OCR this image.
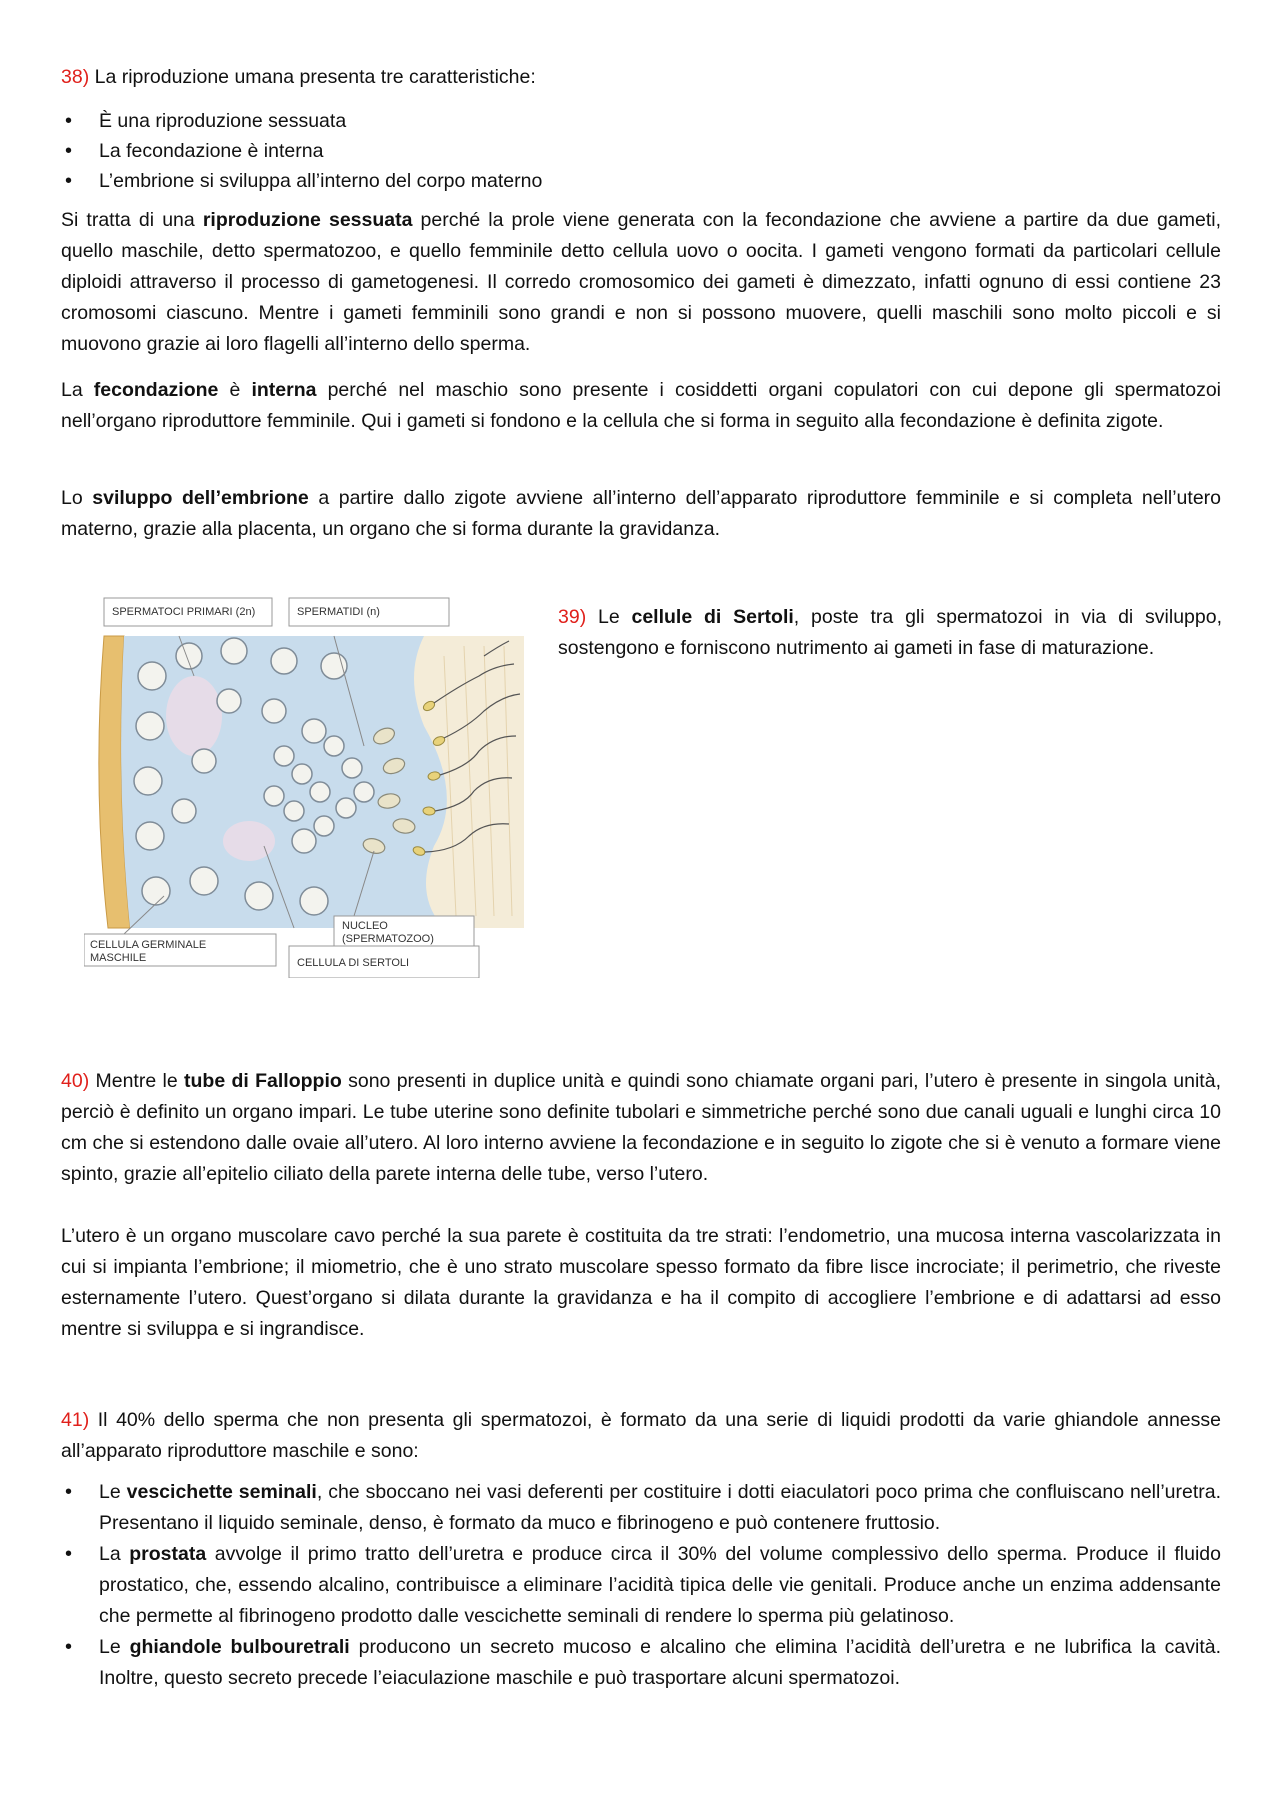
38) La riproduzione umana presenta tre caratteristiche:
• È una riproduzione sessuata
• La fecondazione è interna
• L’embrione si sviluppa all’interno del corpo materno
Si tratta di una riproduzione sessuata perché la prole viene generata con la fecondazione che avviene a partire da due gameti, quello maschile, detto spermatozoo, e quello femminile detto cellula uovo o oocita. I gameti vengono formati da particolari cellule diploidi attraverso il processo di gametogenesi. Il corredo cromosomico dei gameti è dimezzato, infatti ognuno di essi contiene 23 cromosomi ciascuno. Mentre i gameti femminili sono grandi e non si possono muovere, quelli maschili sono molto piccoli e si muovono grazie ai loro flagelli all’interno dello sperma.
La fecondazione è interna perché nel maschio sono presente i cosiddetti organi copulatori con cui depone gli spermatozoi nell’organo riproduttore femminile. Qui i gameti si fondono e la cellula che si forma in seguito alla fecondazione è definita zigote.
Lo sviluppo dell’embrione a partire dallo zigote avviene all’interno dell’apparato riproduttore femminile e si completa nell’utero materno, grazie alla placenta, un organo che si forma durante la gravidanza.
SPERMATOCI PRIMARI (2n)	SPERMATIDI (n)
NUCLEO
(SPERMATOZOO)
CELLULA GERMINALE
MASCHILE	CELLULA DI SERTOLI
39) Le cellule di Sertoli, poste tra gli spermatozoi in via di sviluppo, sostengono e forniscono nutrimento ai gameti in fase di maturazione.
40) Mentre le tube di Falloppio sono presenti in duplice unità e quindi sono chiamate organi pari, l’utero è presente in singola unità, perciò è definito un organo impari. Le tube uterine sono definite tubolari e simmetriche perché sono due canali uguali e lunghi circa 10 cm che si estendono dalle ovaie all’utero. Al loro interno avviene la fecondazione e in seguito lo zigote che si è venuto a formare viene spinto, grazie all’epitelio ciliato della parete interna delle tube, verso l’utero.
L’utero è un organo muscolare cavo perché la sua parete è costituita da tre strati: l’endometrio, una mucosa interna vascolarizzata in cui si impianta l’embrione; il miometrio, che è uno strato muscolare spesso formato da fibre lisce incrociate; il perimetrio, che riveste esternamente l’utero. Quest’organo si dilata durante la gravidanza e ha il compito di accogliere l’embrione e di adattarsi ad esso mentre si sviluppa e si ingrandisce.
41) Il 40% dello sperma che non presenta gli spermatozoi, è formato da una serie di liquidi prodotti da varie ghiandole annesse all’apparato riproduttore maschile e sono:
• Le vescichette seminali, che sboccano nei vasi deferenti per costituire i dotti eiaculatori poco prima che confluiscano nell’uretra. Presentano il liquido seminale, denso, è formato da muco e fibrinogeno e può contenere fruttosio.
• La prostata avvolge il primo tratto dell’uretra e produce circa il 30% del volume complessivo dello sperma. Produce il fluido prostatico, che, essendo alcalino, contribuisce a eliminare l’acidità tipica delle vie genitali. Produce anche un enzima addensante che permette al fibrinogeno prodotto dalle vescichette seminali di rendere lo sperma più gelatinoso.
• Le ghiandole bulbouretrali producono un secreto mucoso e alcalino che elimina l’acidità dell’uretra e ne lubrifica la cavità. Inoltre, questo secreto precede l’eiaculazione maschile e può trasportare alcuni spermatozoi.
